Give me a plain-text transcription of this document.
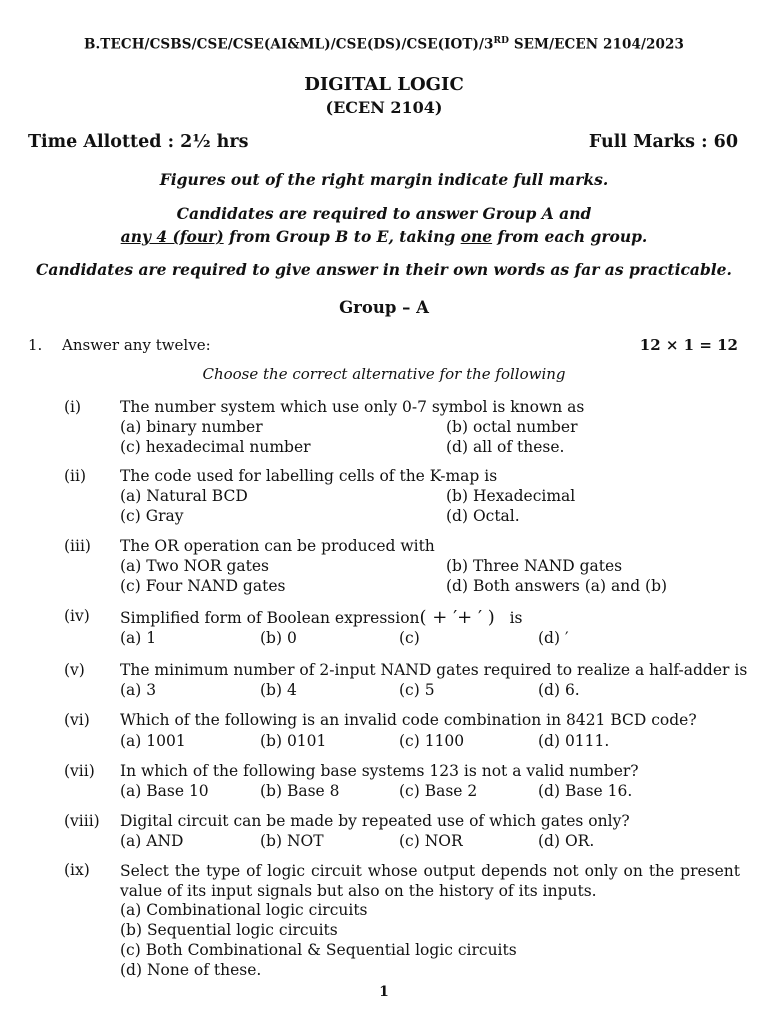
B.TECH/CSBS/CSE/CSE(AI&ML)/CSE(DS)/CSE(IOT)/3RD SEM/ECEN 2104/2023
DIGITAL LOGIC
(ECEN 2104)
Time Allotted : 2½ hrs	Full Marks : 60
Figures out of the right margin indicate full marks.
Candidates are required to answer Group A and
any 4 (four) from Group B to E, taking one from each group.
Candidates are required to give answer in their own words as far as practicable.
Group – A
1. Answer any twelve:	12 × 1 = 12
Choose the correct alternative for the following
(i)	The number system which use only 0-7 symbol is known as
(a) binary number	(b) octal number
(c) hexadecimal number	(d) all of these.
(ii) The code used for labelling cells of the K-map is
(a) Natural BCD	(b) Hexadecimal
(c) Gray	(d) Octal.
(iii) The OR operation can be produced with
(a) Two NOR gates	(b) Three NAND gates
(c) Four NAND gates	(d) Both answers (a) and (b)
(iv) Simplified form of Boolean expression( + ′+ ′ ) is
(a) 1	(b) 0	(c)	(d) ′
(v) The minimum number of 2-input NAND gates required to realize a half-adder is
(a) 3	(b) 4	(c) 5	(d) 6.
(vi) Which of the following is an invalid code combination in 8421 BCD code?
(a) 1001	(b) 0101	(c) 1100	(d) 0111.
(vii) In which of the following base systems 123 is not a valid number?
(a) Base 10	(b) Base 8	(c) Base 2	(d) Base 16.
(viii) Digital circuit can be made by repeated use of which gates only?
(a) AND	(b) NOT	(c) NOR	(d) OR.
(ix) Select the type of logic circuit whose output depends not only on the present value of its input signals but also on the history of its inputs.
(a) Combinational logic circuits
(b) Sequential logic circuits
(c) Both Combinational & Sequential logic circuits
(d) None of these.
1
